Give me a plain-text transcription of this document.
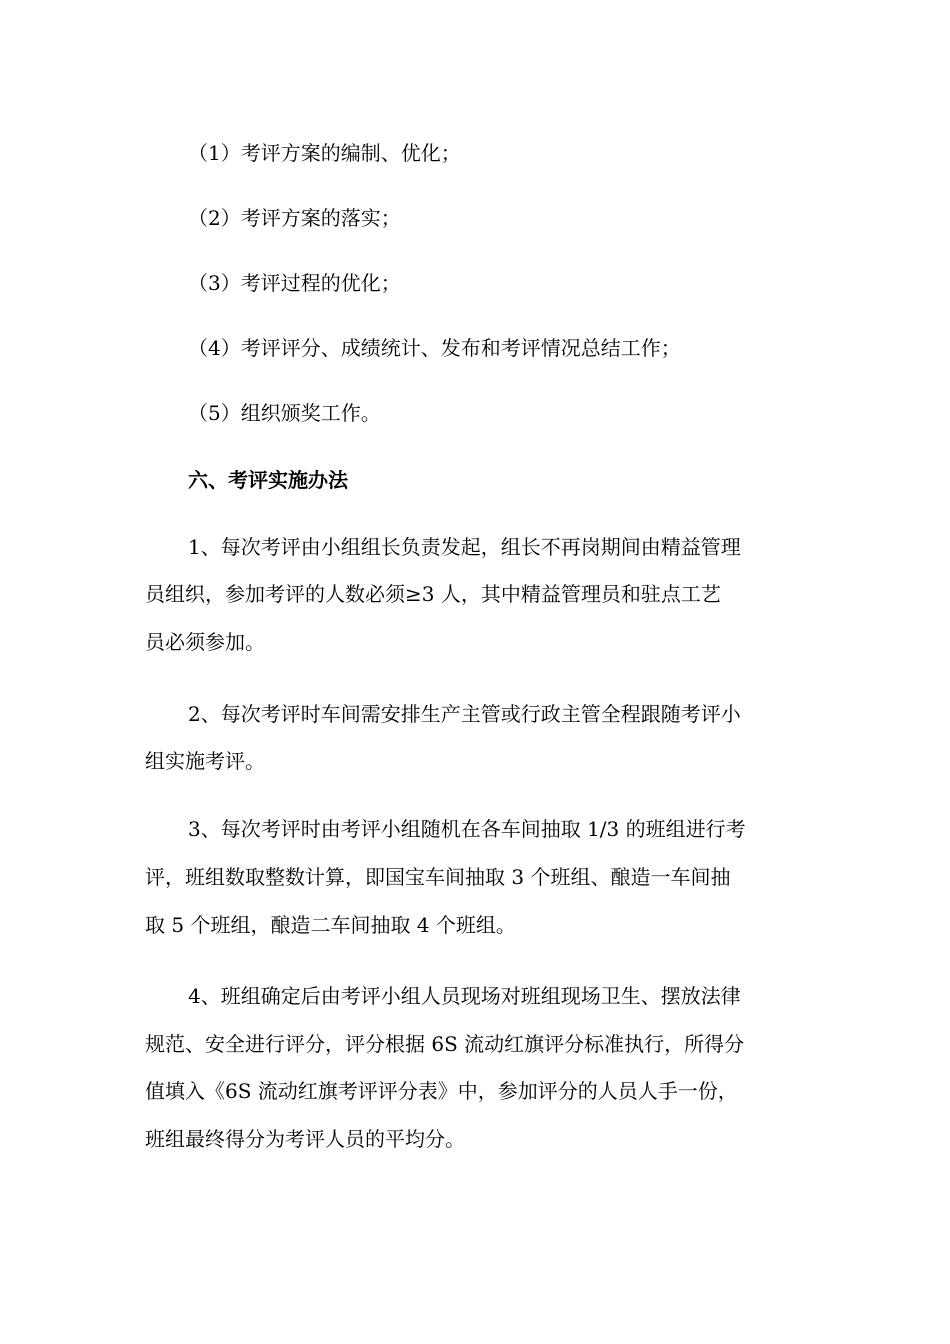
（1）考评方案的编制、优化；
（2）考评方案的落实；
（3）考评过程的优化；
（4）考评评分、成绩统计、发布和考评情况总结工作；
（5）组织颁奖工作。
六、考评实施办法
1、每次考评由小组组长负责发起，组长不再岗期间由精益管理
员组织，参加考评的人数必须≥3 人，其中精益管理员和驻点工艺
员必须参加。
2、每次考评时车间需安排生产主管或行政主管全程跟随考评小
组实施考评。
3、每次考评时由考评小组随机在各车间抽取 1/3 的班组进行考
评，班组数取整数计算，即国宝车间抽取 3 个班组、酿造一车间抽
取 5 个班组，酿造二车间抽取 4 个班组。
4、班组确定后由考评小组人员现场对班组现场卫生、摆放法律
规范、安全进行评分，评分根据 6S 流动红旗评分标准执行，所得分
值填入《6S 流动红旗考评评分表》中，参加评分的人员人手一份，
班组最终得分为考评人员的平均分。
